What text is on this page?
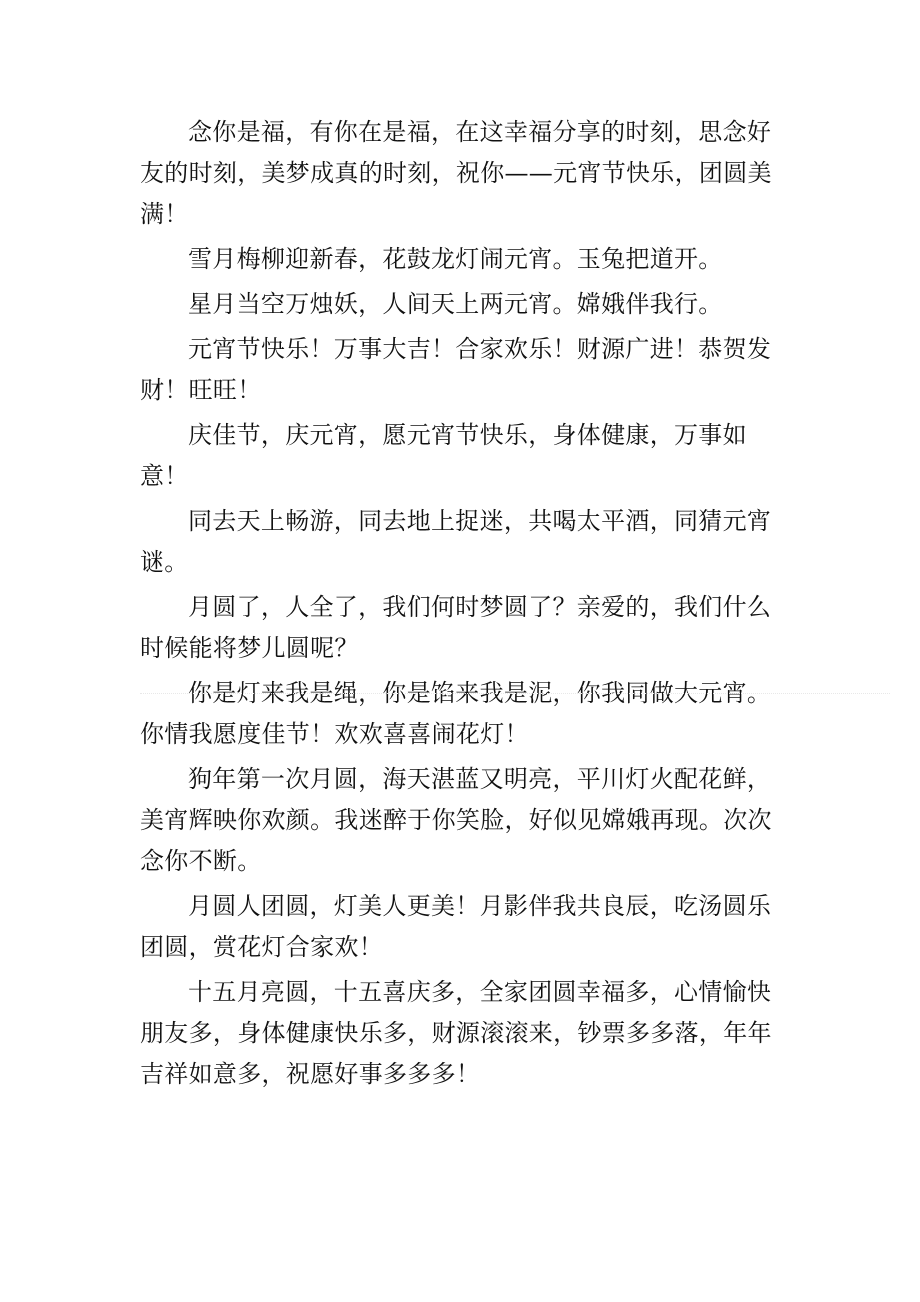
念你是福，有你在是福，在这幸福分享的时刻，思念好友的时刻，美梦成真的时刻，祝你——元宵节快乐，团圆美满！

雪月梅柳迎新春，花鼓龙灯闹元宵。玉兔把道开。

星月当空万烛妖，人间天上两元宵。嫦娥伴我行。

元宵节快乐！万事大吉！合家欢乐！财源广进！恭贺发财！旺旺！

庆佳节，庆元宵，愿元宵节快乐，身体健康，万事如意！

同去天上畅游，同去地上捉迷，共喝太平酒，同猜元宵谜。

月圆了，人全了，我们何时梦圆了？亲爱的，我们什么时候能将梦儿圆呢？

你是灯来我是绳，你是馅来我是泥，你我同做大元宵。你情我愿度佳节！欢欢喜喜闹花灯！

狗年第一次月圆，海天湛蓝又明亮，平川灯火配花鲜，美宵辉映你欢颜。我迷醉于你笑脸，好似见嫦娥再现。次次念你不断。

月圆人团圆，灯美人更美！月影伴我共良辰，吃汤圆乐团圆，赏花灯合家欢！

十五月亮圆，十五喜庆多，全家团圆幸福多，心情愉快朋友多，身体健康快乐多，财源滚滚来，钞票多多落，年年吉祥如意多，祝愿好事多多多！
